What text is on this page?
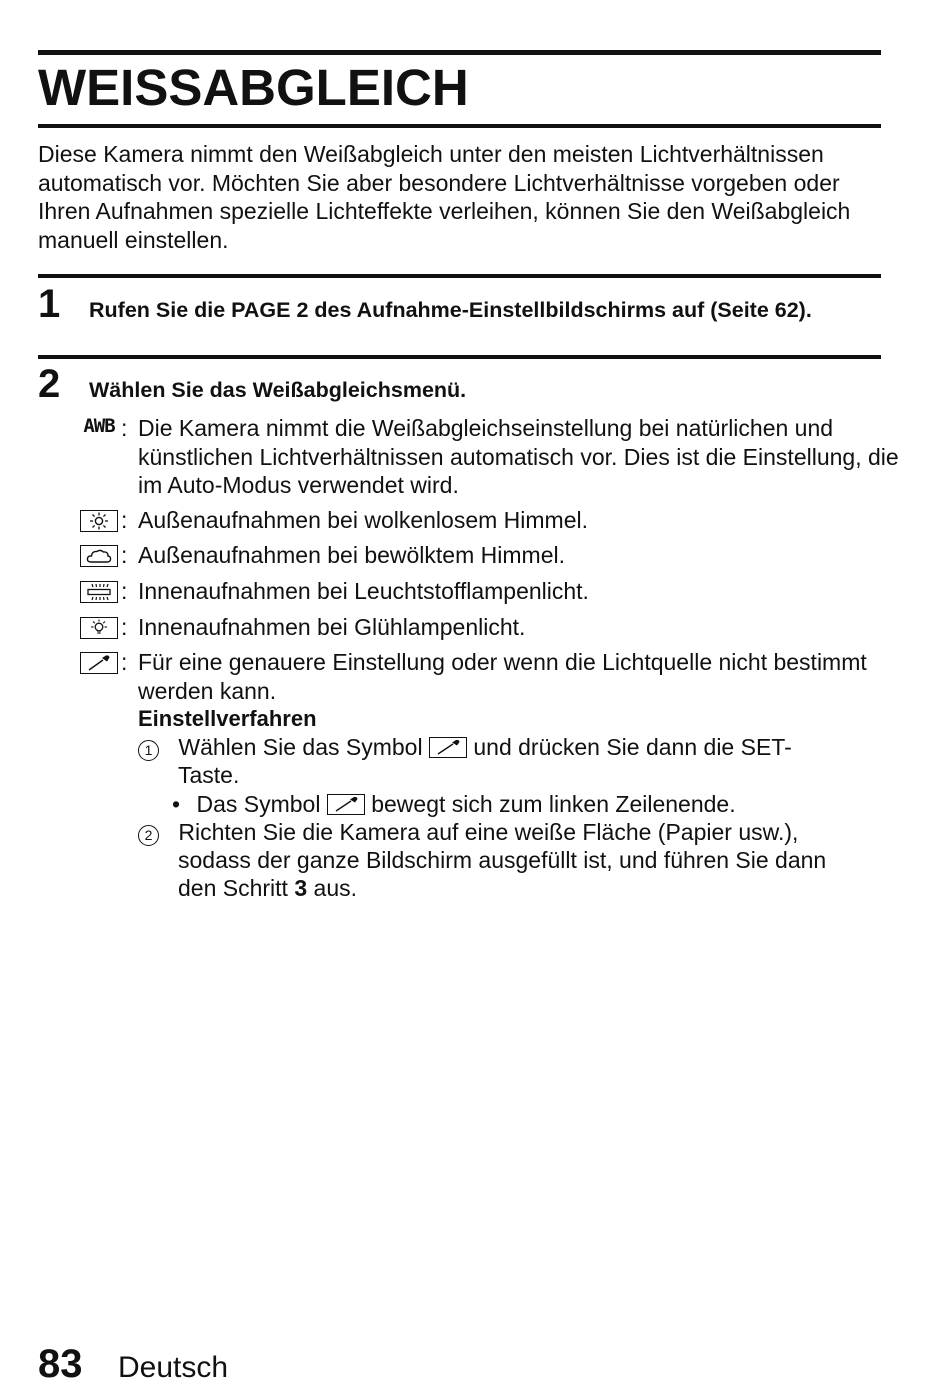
WEISSABGLEICH

Diese Kamera nimmt den Weißabgleich unter den meisten Lichtverhältnissen automatisch vor. Möchten Sie aber besondere Lichtverhältnisse vorgeben oder Ihren Aufnahmen spezielle Lichteffekte verleihen, können Sie den Weißabgleich manuell einstellen.

1 Rufen Sie die PAGE 2 des Aufnahme-Einstellbildschirms auf (Seite 62).
2 Wählen Sie das Weißabgleichsmenü.
AWB : Die Kamera nimmt die Weißabgleichseinstellung bei natürlichen und künstlichen Lichtverhältnissen automatisch vor. Dies ist die Einstellung, die im Auto-Modus verwendet wird.
: Außenaufnahmen bei wolkenlosem Himmel.
: Außenaufnahmen bei bewölktem Himmel.
: Innenaufnahmen bei Leuchtstofflampenlicht.
: Innenaufnahmen bei Glühlampenlicht.
: Für eine genauere Einstellung oder wenn die Lichtquelle nicht bestimmt werden kann.
Einstellverfahren
1 Wählen Sie das Symbol und drücken Sie dann die SET-
Taste.
• Das Symbol bewegt sich zum linken Zeilenende.
2 Richten Sie die Kamera auf eine weiße Fläche (Papier usw.),
sodass der ganze Bildschirm ausgefüllt ist, und führen Sie dann
den Schritt 3 aus.
83 Deutsch
